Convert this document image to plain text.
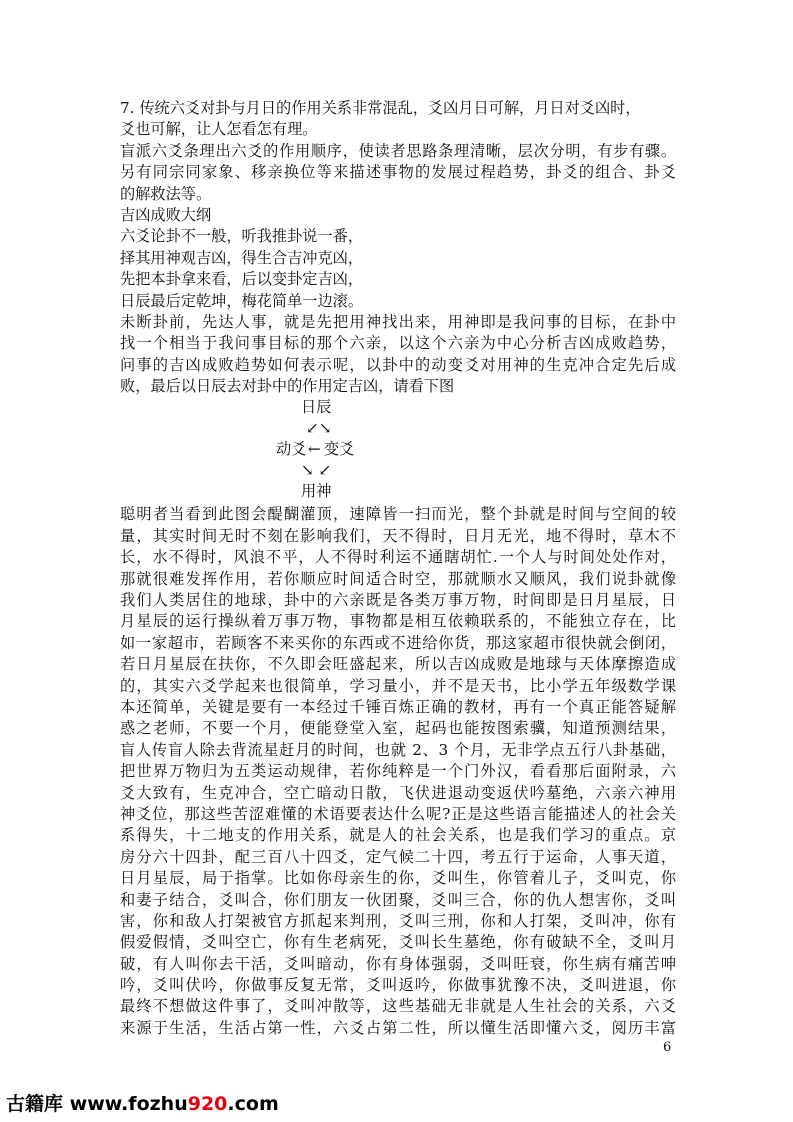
7. 传统六爻对卦与月日的作用关系非常混乱，爻凶月日可解，月日对爻凶时，
爻也可解，让人怎看怎有理。
盲派六爻条理出六爻的作用顺序，使读者思路条理清晰，层次分明，有步有骤。
另有同宗同家象、移亲换位等来描述事物的发展过程趋势，卦爻的组合、卦爻
的解救法等。
吉凶成败大纲
六爻论卦不一般，听我推卦说一番，
择其用神观吉凶，得生合吉冲克凶，
先把本卦拿来看，后以变卦定吉凶，
日辰最后定乾坤，梅花简单一边滚。
未断卦前，先达人事，就是先把用神找出来，用神即是我问事的目标，在卦中
找一个相当于我问事目标的那个六亲，以这个六亲为中心分析吉凶成败趋势，
问事的吉凶成败趋势如何表示呢，以卦中的动变爻对用神的生克冲合定先后成
败，最后以日辰去对卦中的作用定吉凶，请看下图
日辰
↙↘
动爻 ← 变爻
↘ ↙
用神
聪明者当看到此图会醍醐灌顶，速障皆一扫而光，整个卦就是时间与空间的较
量，其实时间无时不刻在影响我们，天不得时，日月无光，地不得时，草木不
长，水不得时，风浪不平，人不得时利运不通瞎胡忙.一个人与时间处处作对，
那就很难发挥作用，若你顺应时间适合时空，那就顺水又顺风，我们说卦就像
我们人类居住的地球，卦中的六亲既是各类万事万物，时间即是日月星辰，日
月星辰的运行操纵着万事万物，事物都是相互依赖联系的，不能独立存在，比
如一家超市，若顾客不来买你的东西或不进给你货，那这家超市很快就会倒闭，
若日月星辰在扶你，不久即会旺盛起来，所以吉凶成败是地球与天体摩擦造成
的，其实六爻学起来也很简单，学习量小，并不是天书，比小学五年级数学课
本还简单，关键是要有一本经过千锤百炼正确的教材，再有一个真正能答疑解
惑之老师，不要一个月，便能登堂入室，起码也能按图索骥，知道预测结果，
盲人传盲人除去背流星赶月的时间，也就 2、3 个月，无非学点五行八卦基础，
把世界万物归为五类运动规律，若你纯粹是一个门外汉，看看那后面附录，六
爻大致有，生克冲合，空亡暗动日散，飞伏进退动变返伏吟墓绝，六亲六神用
神爻位，那这些苦涩难懂的术语要表达什么呢?正是这些语言能描述人的社会关
系得失，十二地支的作用关系，就是人的社会关系，也是我们学习的重点。京
房分六十四卦，配三百八十四爻，定气候二十四，考五行于运命，人事天道，
日月星辰，局于指掌。比如你母亲生的你，爻叫生，你管着儿子，爻叫克，你
和妻子结合，爻叫合，你们朋友一伙团聚，爻叫三合，你的仇人想害你，爻叫
害，你和敌人打架被官方抓起来判刑，爻叫三刑，你和人打架，爻叫冲，你有
假爱假情，爻叫空亡，你有生老病死，爻叫长生墓绝，你有破缺不全，爻叫月
破，有人叫你去干活，爻叫暗动，你有身体强弱，爻叫旺衰，你生病有痛苦呻
吟，爻叫伏吟，你做事反复无常，爻叫返吟，你做事犹豫不决，爻叫进退，你
最终不想做这件事了，爻叫冲散等，这些基础无非就是人生社会的关系，六爻
来源于生活，生活占第一性，六爻占第二性，所以懂生活即懂六爻，阅历丰富
6
古籍库 www.fozhu920.com
